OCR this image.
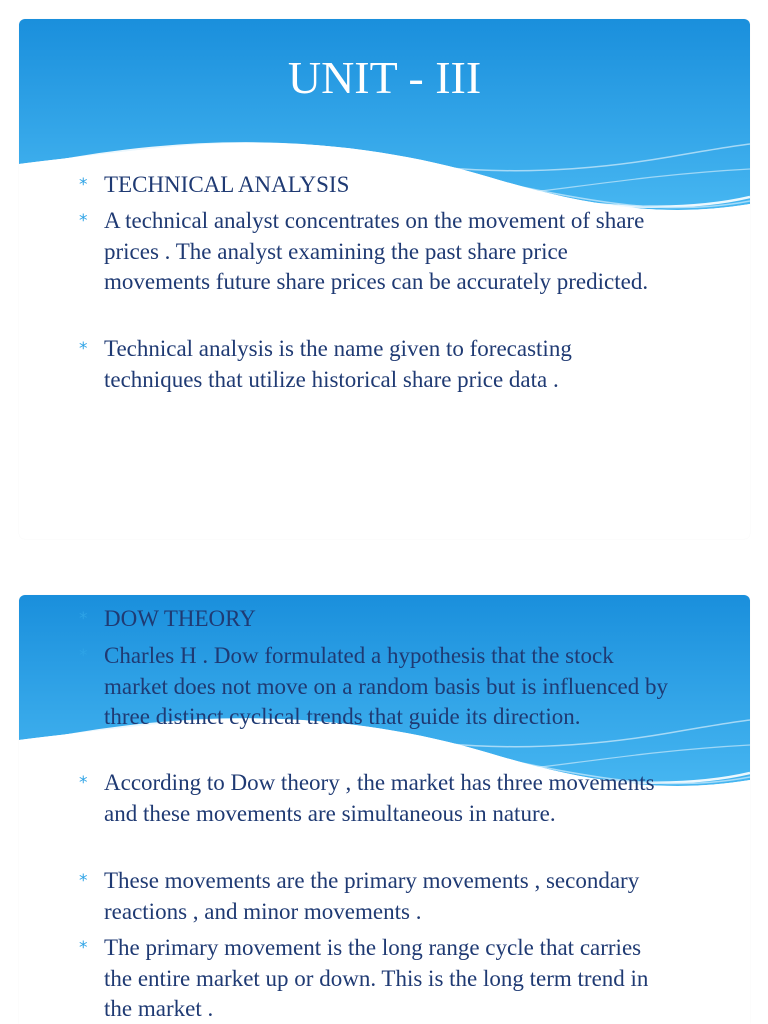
UNIT - III
* TECHNICAL ANALYSIS
* A technical analyst concentrates on the movement of share prices . The analyst examining the past share price movements future share prices can be accurately predicted.
* Technical analysis is the name given to forecasting techniques that utilize historical share price data .
* DOW THEORY
* Charles H . Dow formulated a hypothesis that the stock market does not move on a random basis but is influenced by three distinct cyclical trends that guide its direction.
* According to Dow theory , the market has three movements and these movements are simultaneous in nature.
* These movements are the primary movements , secondary reactions , and minor movements .
* The primary movement is the long range cycle that carries the entire market up or down. This is the long term trend in the market .
